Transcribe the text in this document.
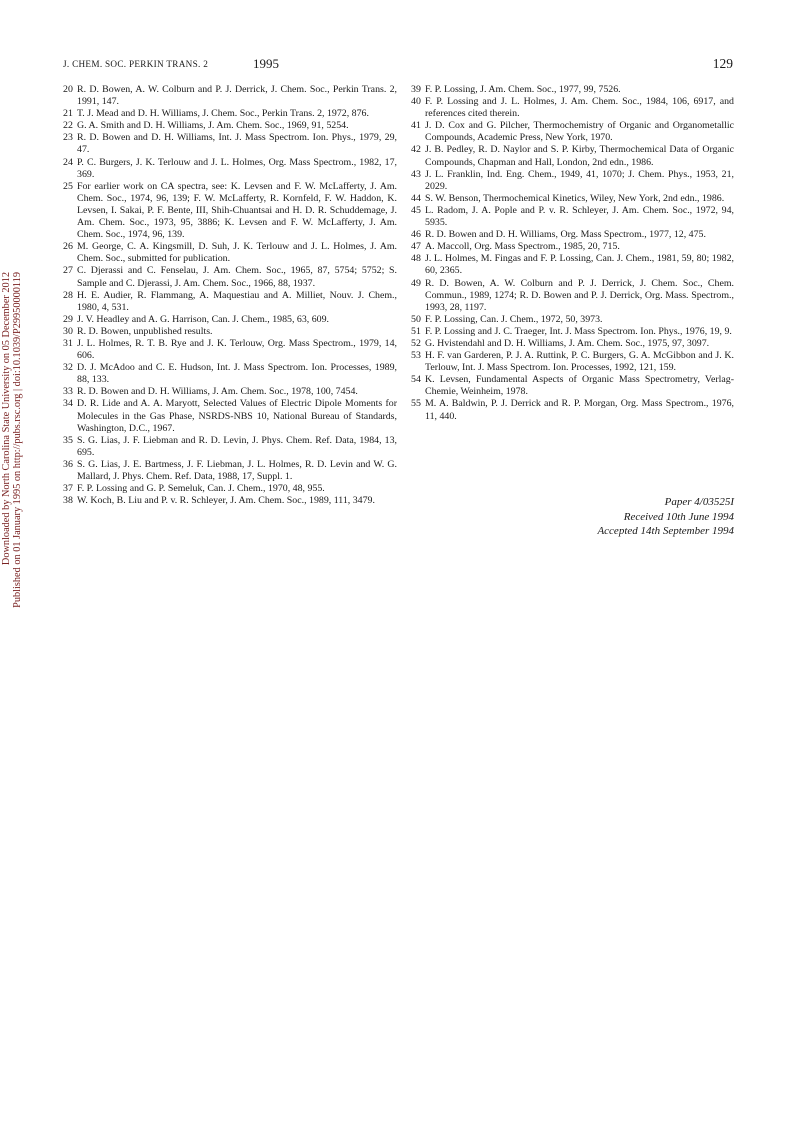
Downloaded by North Carolina State University on 05 December 2012 Published on 01 January 1995 on http://pubs.rsc.org | doi:10.1039/P29950000119
J. CHEM. SOC. PERKIN TRANS. 2	1995	129
20 R. D. Bowen, A. W. Colburn and P. J. Derrick, J. Chem. Soc., Perkin Trans. 2, 1991, 147.
21 T. J. Mead and D. H. Williams, J. Chem. Soc., Perkin Trans. 2, 1972, 876.
22 G. A. Smith and D. H. Williams, J. Am. Chem. Soc., 1969, 91, 5254.
23 R. D. Bowen and D. H. Williams, Int. J. Mass Spectrom. Ion. Phys., 1979, 29, 47.
24 P. C. Burgers, J. K. Terlouw and J. L. Holmes, Org. Mass Spectrom., 1982, 17, 369.
25 For earlier work on CA spectra, see: K. Levsen and F. W. McLafferty, J. Am. Chem. Soc., 1974, 96, 139; F. W. McLafferty, R. Kornfeld, F. W. Haddon, K. Levsen, I. Sakai, P. F. Bente, III, Shih-Chuantsai and H. D. R. Schuddemage, J. Am. Chem. Soc., 1973, 95, 3886; K. Levsen and F. W. McLafferty, J. Am. Chem. Soc., 1974, 96, 139.
26 M. George, C. A. Kingsmill, D. Suh, J. K. Terlouw and J. L. Holmes, J. Am. Chem. Soc., submitted for publication.
27 C. Djerassi and C. Fenselau, J. Am. Chem. Soc., 1965, 87, 5754; 5752; S. Sample and C. Djerassi, J. Am. Chem. Soc., 1966, 88, 1937.
28 H. E. Audier, R. Flammang, A. Maquestiau and A. Milliet, Nouv. J. Chem., 1980, 4, 531.
29 J. V. Headley and A. G. Harrison, Can. J. Chem., 1985, 63, 609.
30 R. D. Bowen, unpublished results.
31 J. L. Holmes, R. T. B. Rye and J. K. Terlouw, Org. Mass Spectrom., 1979, 14, 606.
32 D. J. McAdoo and C. E. Hudson, Int. J. Mass Spectrom. Ion. Processes, 1989, 88, 133.
33 R. D. Bowen and D. H. Williams, J. Am. Chem. Soc., 1978, 100, 7454.
34 D. R. Lide and A. A. Maryott, Selected Values of Electric Dipole Moments for Molecules in the Gas Phase, NSRDS-NBS 10, National Bureau of Standards, Washington, D.C., 1967.
35 S. G. Lias, J. F. Liebman and R. D. Levin, J. Phys. Chem. Ref. Data, 1984, 13, 695.
36 S. G. Lias, J. E. Bartmess, J. F. Liebman, J. L. Holmes, R. D. Levin and W. G. Mallard, J. Phys. Chem. Ref. Data, 1988, 17, Suppl. 1.
37 F. P. Lossing and G. P. Semeluk, Can. J. Chem., 1970, 48, 955.
38 W. Koch, B. Liu and P. v. R. Schleyer, J. Am. Chem. Soc., 1989, 111, 3479.
39 F. P. Lossing, J. Am. Chem. Soc., 1977, 99, 7526.
40 F. P. Lossing and J. L. Holmes, J. Am. Chem. Soc., 1984, 106, 6917, and references cited therein.
41 J. D. Cox and G. Pilcher, Thermochemistry of Organic and Organometallic Compounds, Academic Press, New York, 1970.
42 J. B. Pedley, R. D. Naylor and S. P. Kirby, Thermochemical Data of Organic Compounds, Chapman and Hall, London, 2nd edn., 1986.
43 J. L. Franklin, Ind. Eng. Chem., 1949, 41, 1070; J. Chem. Phys., 1953, 21, 2029.
44 S. W. Benson, Thermochemical Kinetics, Wiley, New York, 2nd edn., 1986.
45 L. Radom, J. A. Pople and P. v. R. Schleyer, J. Am. Chem. Soc., 1972, 94, 5935.
46 R. D. Bowen and D. H. Williams, Org. Mass Spectrom., 1977, 12, 475.
47 A. Maccoll, Org. Mass Spectrom., 1985, 20, 715.
48 J. L. Holmes, M. Fingas and F. P. Lossing, Can. J. Chem., 1981, 59, 80; 1982, 60, 2365.
49 R. D. Bowen, A. W. Colburn and P. J. Derrick, J. Chem. Soc., Chem. Commun., 1989, 1274; R. D. Bowen and P. J. Derrick, Org. Mass. Spectrom., 1993, 28, 1197.
50 F. P. Lossing, Can. J. Chem., 1972, 50, 3973.
51 F. P. Lossing and J. C. Traeger, Int. J. Mass Spectrom. Ion. Phys., 1976, 19, 9.
52 G. Hvistendahl and D. H. Williams, J. Am. Chem. Soc., 1975, 97, 3097.
53 H. F. van Garderen, P. J. A. Ruttink, P. C. Burgers, G. A. McGibbon and J. K. Terlouw, Int. J. Mass Spectrom. Ion. Processes, 1992, 121, 159.
54 K. Levsen, Fundamental Aspects of Organic Mass Spectrometry, Verlag-Chemie, Weinheim, 1978.
55 M. A. Baldwin, P. J. Derrick and R. P. Morgan, Org. Mass Spectrom., 1976, 11, 440.
Paper 4/03525I
Received 10th June 1994
Accepted 14th September 1994
